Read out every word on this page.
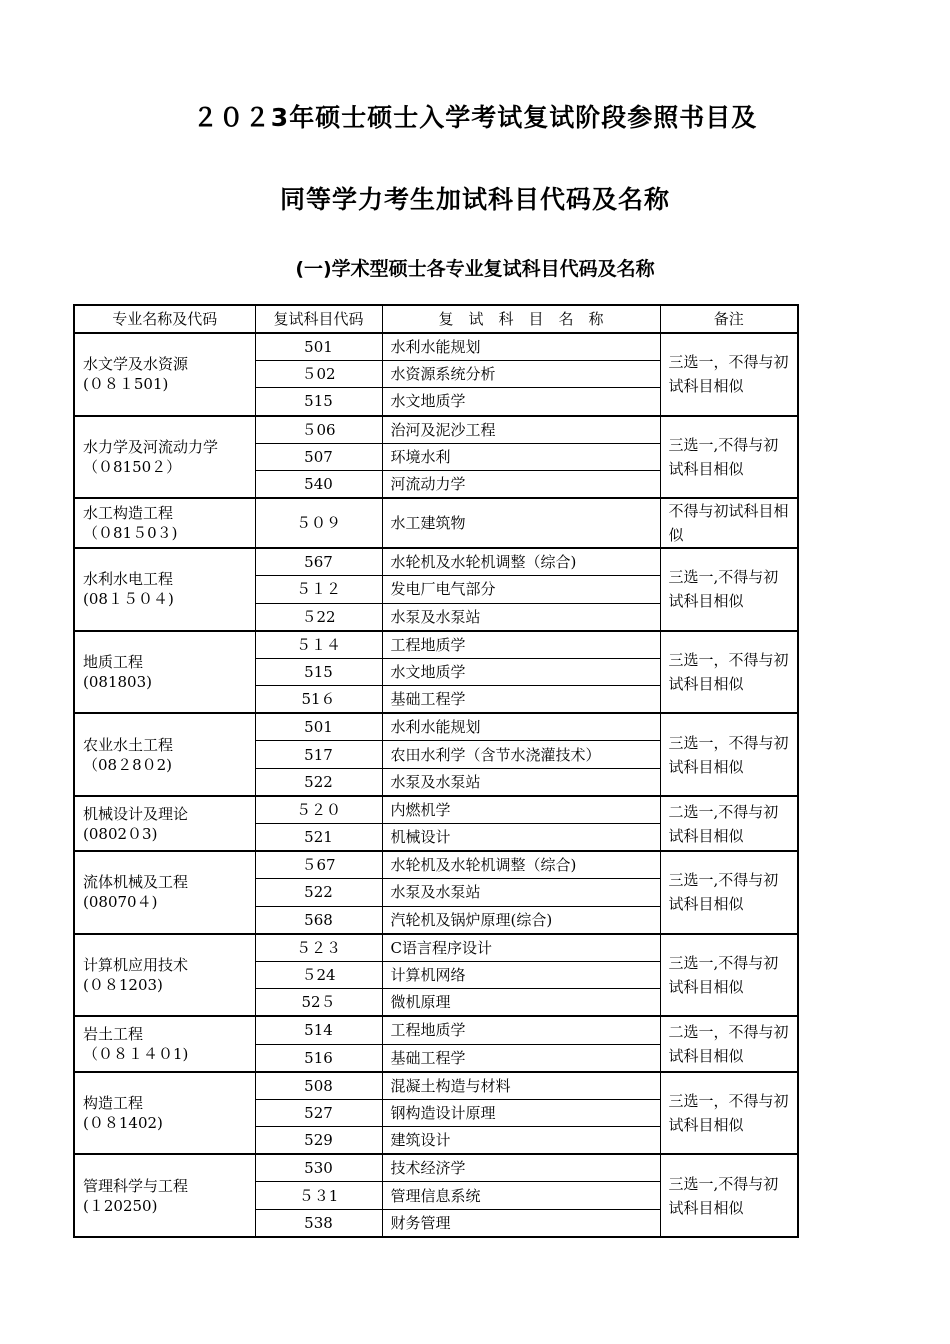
２０２3年硕士硕士入学考试复试阶段参照书目及
同等学力考生加试科目代码及名称
(一)学术型硕士各专业复试科目代码及名称
专业名称及代码	复试科目代码	复　试　科　目　名　称	备注

水文学及水资源
(０８１501)	501	水利水能规划	三选一，不得与初试科目相似
	５02	水资源系统分析	
	515	水文地质学	

水力学及河流动力学
（０8150２）	５06	治河及泥沙工程	三选一,不得与初试科目相似
	507	环境水利	
	540	河流动力学	

水工构造工程
（０81５0３)	５０９	水工建筑物	不得与初试科目相似

水利水电工程
(08１５０４)	567	水轮机及水轮机调整（综合)	三选一,不得与初试科目相似
	５１２	发电厂电气部分	
	５22	水泵及水泵站	

地质工程
(081803)	５１４	工程地质学	三选一，不得与初试科目相似
	515	水文地质学	
	51６	基础工程学	

农业水土工程
（08２8０2)	501	水利水能规划	三选一，不得与初试科目相似
	517	农田水利学（含节水浇灌技术）	
	522	水泵及水泵站	

机械设计及理论
(0802０3)	５２０	内燃机学	二选一,不得与初试科目相似
	521	机械设计	

流体机械及工程
(08070４)	５67	水轮机及水轮机调整（综合)	三选一,不得与初试科目相似
	522	水泵及水泵站	
	568	汽轮机及锅炉原理(综合)	

计算机应用技术
(０８1203)	５２３	C语言程序设计	三选一,不得与初试科目相似
	５24	计算机网络	
	52５	微机原理	

岩土工程
（０８１４０1)	514	工程地质学	二选一，不得与初试科目相似
	516	基础工程学	

构造工程
(０８1402)	508	混凝土构造与材料	三选一，不得与初试科目相似
	527	钢构造设计原理	
	529	建筑设计	

管理科学与工程
(１20250)	530	技术经济学	三选一,不得与初试科目相似
	５３1	管理信息系统	
	538	财务管理	
